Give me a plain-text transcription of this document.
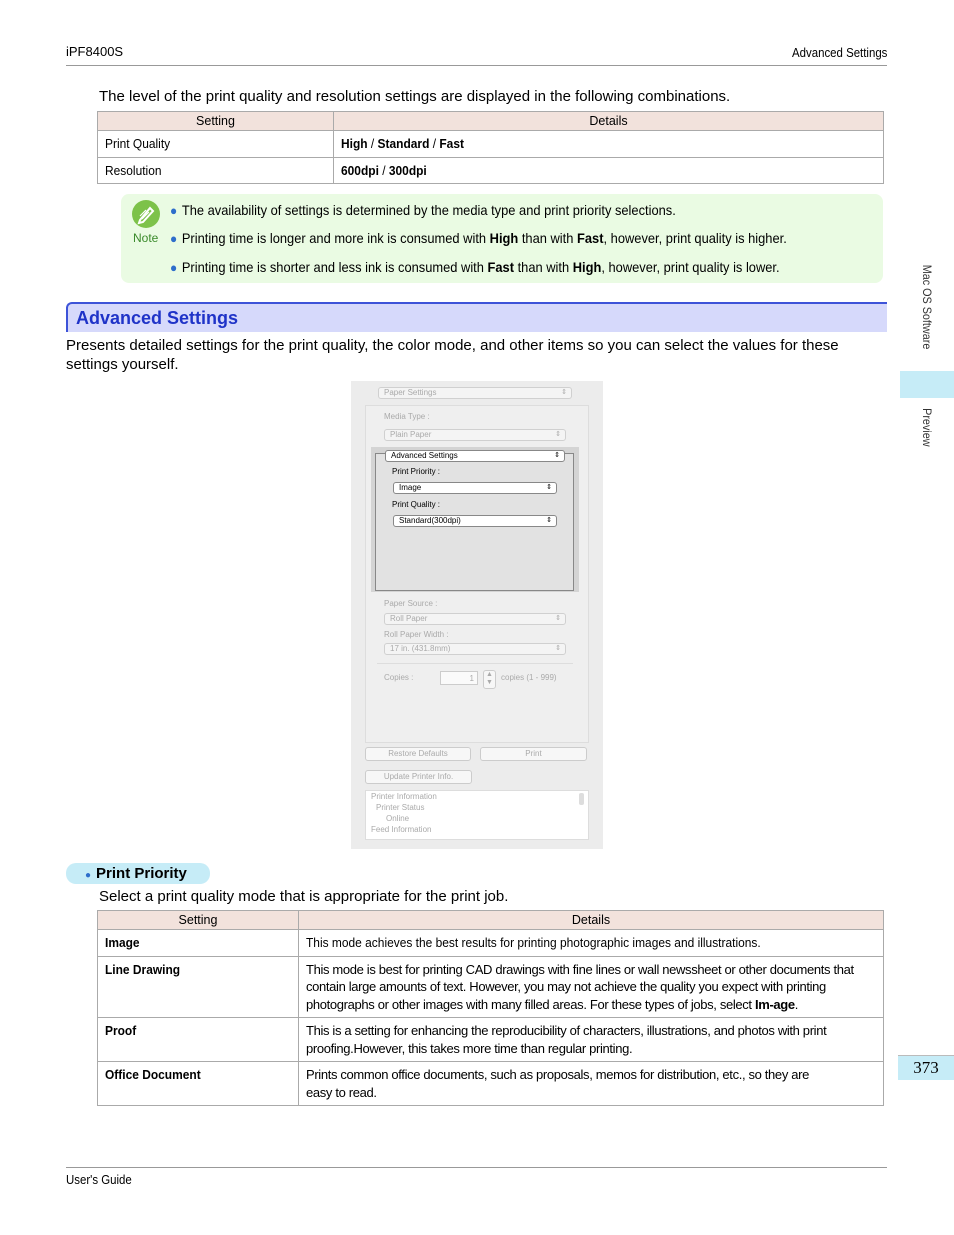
iPF8400S	Advanced Settings
Mac OS Software
Preview
373

The level of the print quality and resolution settings are displayed in the following combinations.

Setting	Details
Print Quality	High / Standard / Fast
Resolution	600dpi / 300dpi
Note
● The availability of settings is determined by the media type and print priority selections.
● Printing time is longer and more ink is consumed with High than with Fast, however, print quality is higher.
● Printing time is shorter and less ink is consumed with Fast than with High, however, print quality is lower.
Advanced Settings

Presents detailed settings for the print quality, the color mode, and other items so you can select the values for these settings yourself.

Paper Settings	⇕
Media Type :
Plain Paper	⇕
Advanced Settings	⇕
Print Priority :
Image	⇕
Print Quality :
Standard(300dpi)	⇕
Paper Source :
Roll Paper	⇕
Roll Paper Width :
17 in. (431.8mm)	⇕
Copies :	1	▲
▼
copies (1 - 999)
Restore Defaults	Print
Update Printer Info.
Printer Information
Printer Status
Online
Feed Information
● Print Priority

Select a print quality mode that is appropriate for the print job.

Setting	Details
Image	This mode achieves the best results for printing photographic images and illustrations.
Line Drawing	This mode is best for printing CAD drawings with fine lines or wall newssheet or other documents that contain large amounts of text. However, you may not achieve the quality you expect with printing photographs or other images with many filled areas. For these types of jobs, select Im-age.

Proof	This is a setting for enhancing the reproducibility of characters, illustrations, and photos with print proofing.However, this takes more time than regular printing.

Office Document	Prints common office documents, such as proposals, memos for distribution, etc., so they are easy to read.
User's Guide
